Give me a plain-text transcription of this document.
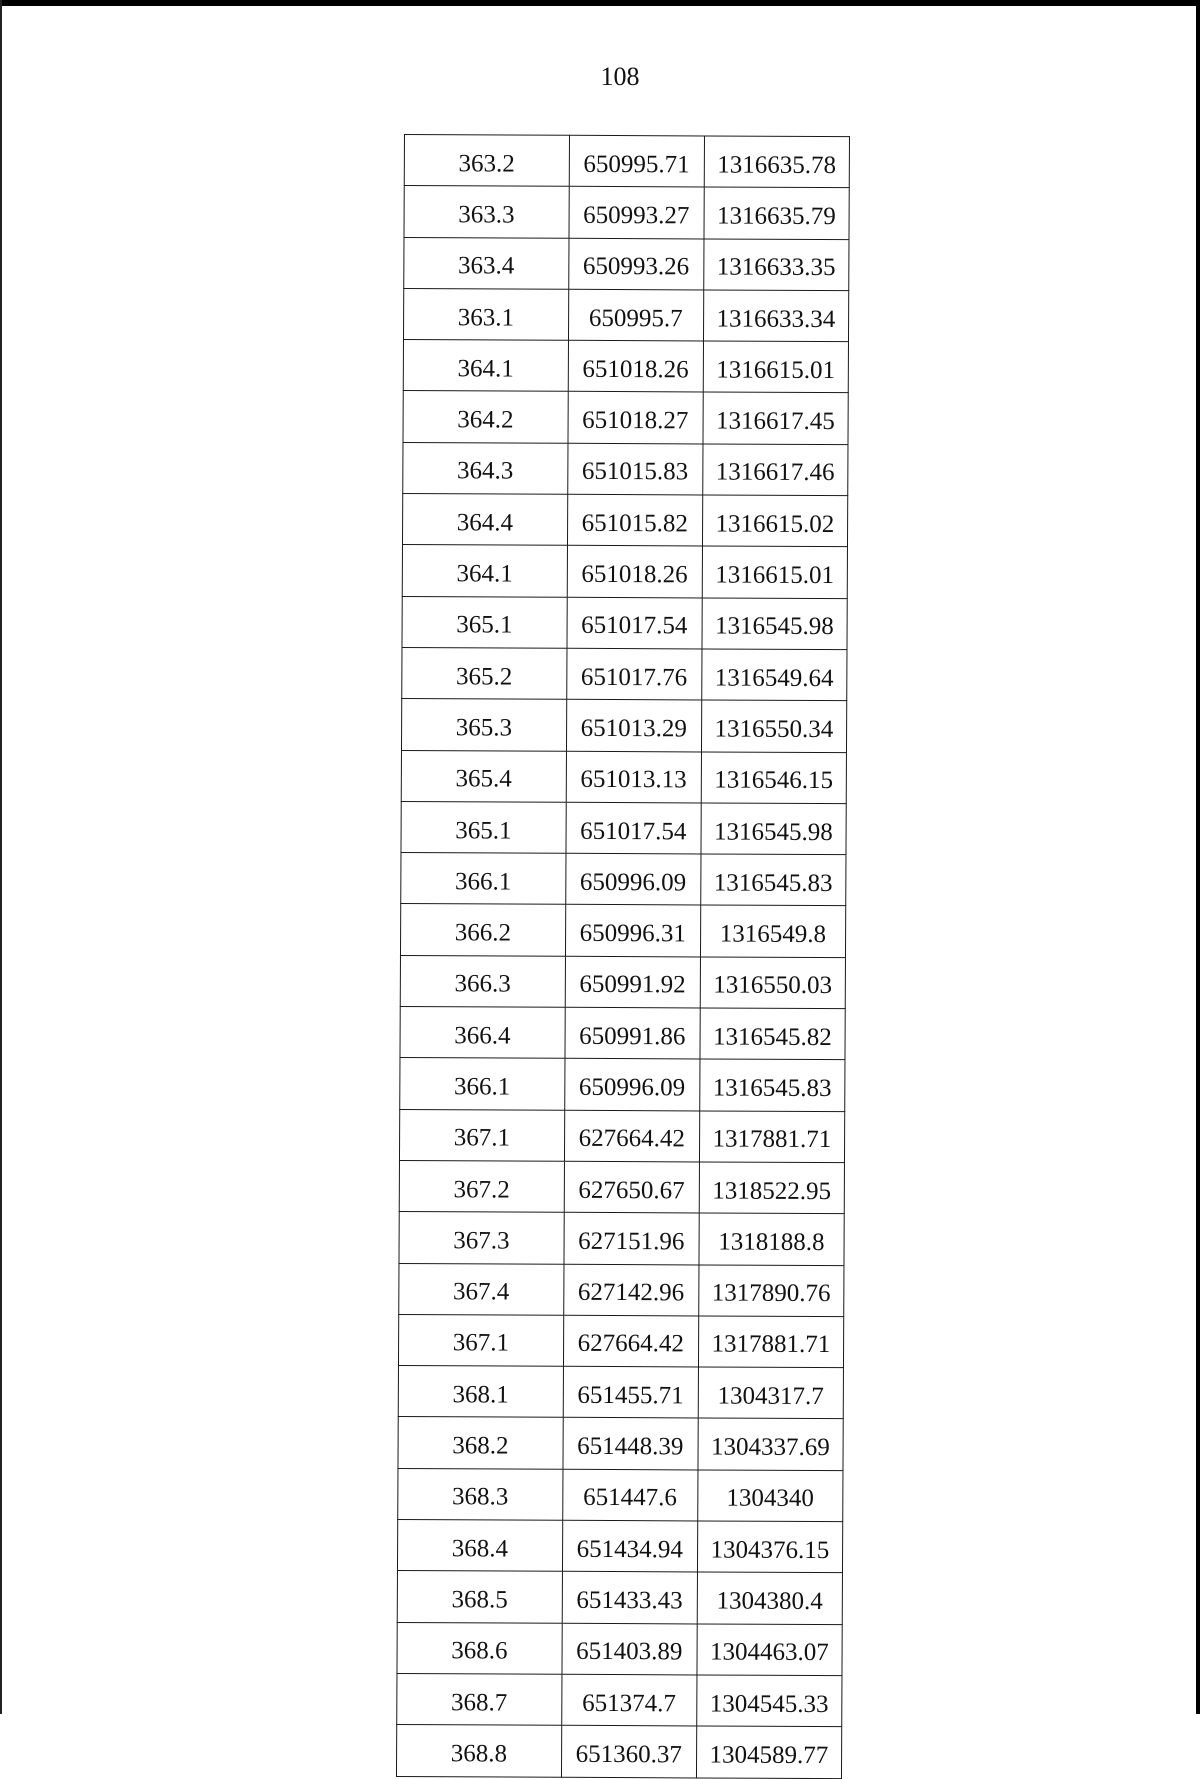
108
363.2	650995.71	1316635.78
363.3	650993.27	1316635.79
363.4	650993.26	1316633.35
363.1	650995.7	1316633.34
364.1	651018.26	1316615.01
364.2	651018.27	1316617.45
364.3	651015.83	1316617.46
364.4	651015.82	1316615.02
364.1	651018.26	1316615.01
365.1	651017.54	1316545.98
365.2	651017.76	1316549.64
365.3	651013.29	1316550.34
365.4	651013.13	1316546.15
365.1	651017.54	1316545.98
366.1	650996.09	1316545.83
366.2	650996.31	1316549.8
366.3	650991.92	1316550.03
366.4	650991.86	1316545.82
366.1	650996.09	1316545.83
367.1	627664.42	1317881.71
367.2	627650.67	1318522.95
367.3	627151.96	1318188.8
367.4	627142.96	1317890.76
367.1	627664.42	1317881.71
368.1	651455.71	1304317.7
368.2	651448.39	1304337.69
368.3	651447.6	1304340
368.4	651434.94	1304376.15
368.5	651433.43	1304380.4
368.6	651403.89	1304463.07
368.7	651374.7	1304545.33
368.8	651360.37	1304589.77
